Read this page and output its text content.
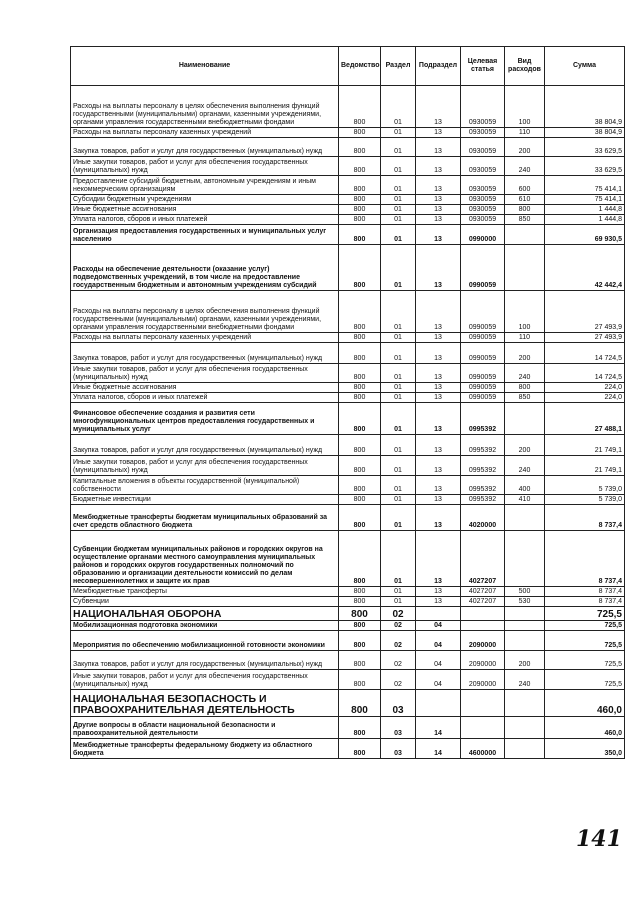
Наименование	Ведомство	Раздел	Подраздел	Целевая статья	Вид расходов	Сумма
Расходы на выплаты персоналу в целях обеспечения выполнения функций государственными (муниципальными) органами, казенными учреждениями, органами управления государственными внебюджетными фондами	800	01	13	0930059	100	38 804,9
Расходы на выплаты персоналу казенных учреждений	800	01	13	0930059	110	38 804,9
Закупка товаров, работ и услуг для государственных (муниципальных) нужд	800	01	13	0930059	200	33 629,5
Иные закупки товаров, работ и услуг для обеспечения государственных (муниципальных) нужд	800	01	13	0930059	240	33 629,5
Предоставление субсидий бюджетным, автономным учреждениям и иным некоммерческим организациям	800	01	13	0930059	600	75 414,1
Субсидии бюджетным учреждениям	800	01	13	0930059	610	75 414,1
Иные бюджетные ассигнования	800	01	13	0930059	800	1 444,8
Уплата налогов, сборов и иных платежей	800	01	13	0930059	850	1 444,8
Организация предоставления государственных и муниципальных услуг населению	800	01	13	0990000		69 930,5
Расходы на обеспечение деятельности (оказание услуг) подведомственных учреждений, в том числе на предоставление государственным бюджетным и автономным учреждениям субсидий	800	01	13	0990059		42 442,4
Расходы на выплаты персоналу в целях обеспечения выполнения функций государственными (муниципальными) органами, казенными учреждениями, органами управления государственными внебюджетными фондами	800	01	13	0990059	100	27 493,9
Расходы на выплаты персоналу казенных учреждений	800	01	13	0990059	110	27 493,9
Закупка товаров, работ и услуг для государственных (муниципальных) нужд	800	01	13	0990059	200	14 724,5
Иные закупки товаров, работ и услуг для обеспечения государственных (муниципальных) нужд	800	01	13	0990059	240	14 724,5
Иные бюджетные ассигнования	800	01	13	0990059	800	224,0
Уплата налогов, сборов и иных платежей	800	01	13	0990059	850	224,0
Финансовое обеспечение создания и развития сети многофункциональных центров предоставления государственных и муниципальных услуг	800	01	13	0995392		27 488,1
Закупка товаров, работ и услуг для государственных (муниципальных) нужд	800	01	13	0995392	200	21 749,1
Иные закупки товаров, работ и услуг для обеспечения государственных (муниципальных) нужд	800	01	13	0995392	240	21 749,1
Капитальные вложения в объекты государственной (муниципальной) собственности	800	01	13	0995392	400	5 739,0
Бюджетные инвестиции	800	01	13	0995392	410	5 739,0
Межбюджетные трансферты бюджетам муниципальных образований за счет средств областного бюджета	800	01	13	4020000		8 737,4
Субвенции бюджетам муниципальных районов и городских округов на осуществление органами местного самоуправления муниципальных районов и городских округов государственных полномочий по образованию и организации деятельности комиссий по делам несовершеннолетних и защите их прав	800	01	13	4027207		8 737,4
Межбюджетные трансферты	800	01	13	4027207	500	8 737,4
Субвенции	800	01	13	4027207	530	8 737,4
НАЦИОНАЛЬНАЯ ОБОРОНА	800	02				725,5
Мобилизационная подготовка экономики	800	02	04			725,5
Мероприятия по обеспечению мобилизационной готовности экономики	800	02	04	2090000		725,5
Закупка товаров, работ и услуг для государственных (муниципальных) нужд	800	02	04	2090000	200	725,5
Иные закупки товаров, работ и услуг для обеспечения государственных (муниципальных) нужд	800	02	04	2090000	240	725,5
НАЦИОНАЛЬНАЯ БЕЗОПАСНОСТЬ И ПРАВООХРАНИТЕЛЬНАЯ ДЕЯТЕЛЬНОСТЬ	800	03				460,0
Другие вопросы в области национальной безопасности и правоохранительной деятельности	800	03	14			460,0
Межбюджетные трансферты федеральному бюджету из областного бюджета	800	03	14	4600000		350,0
141
